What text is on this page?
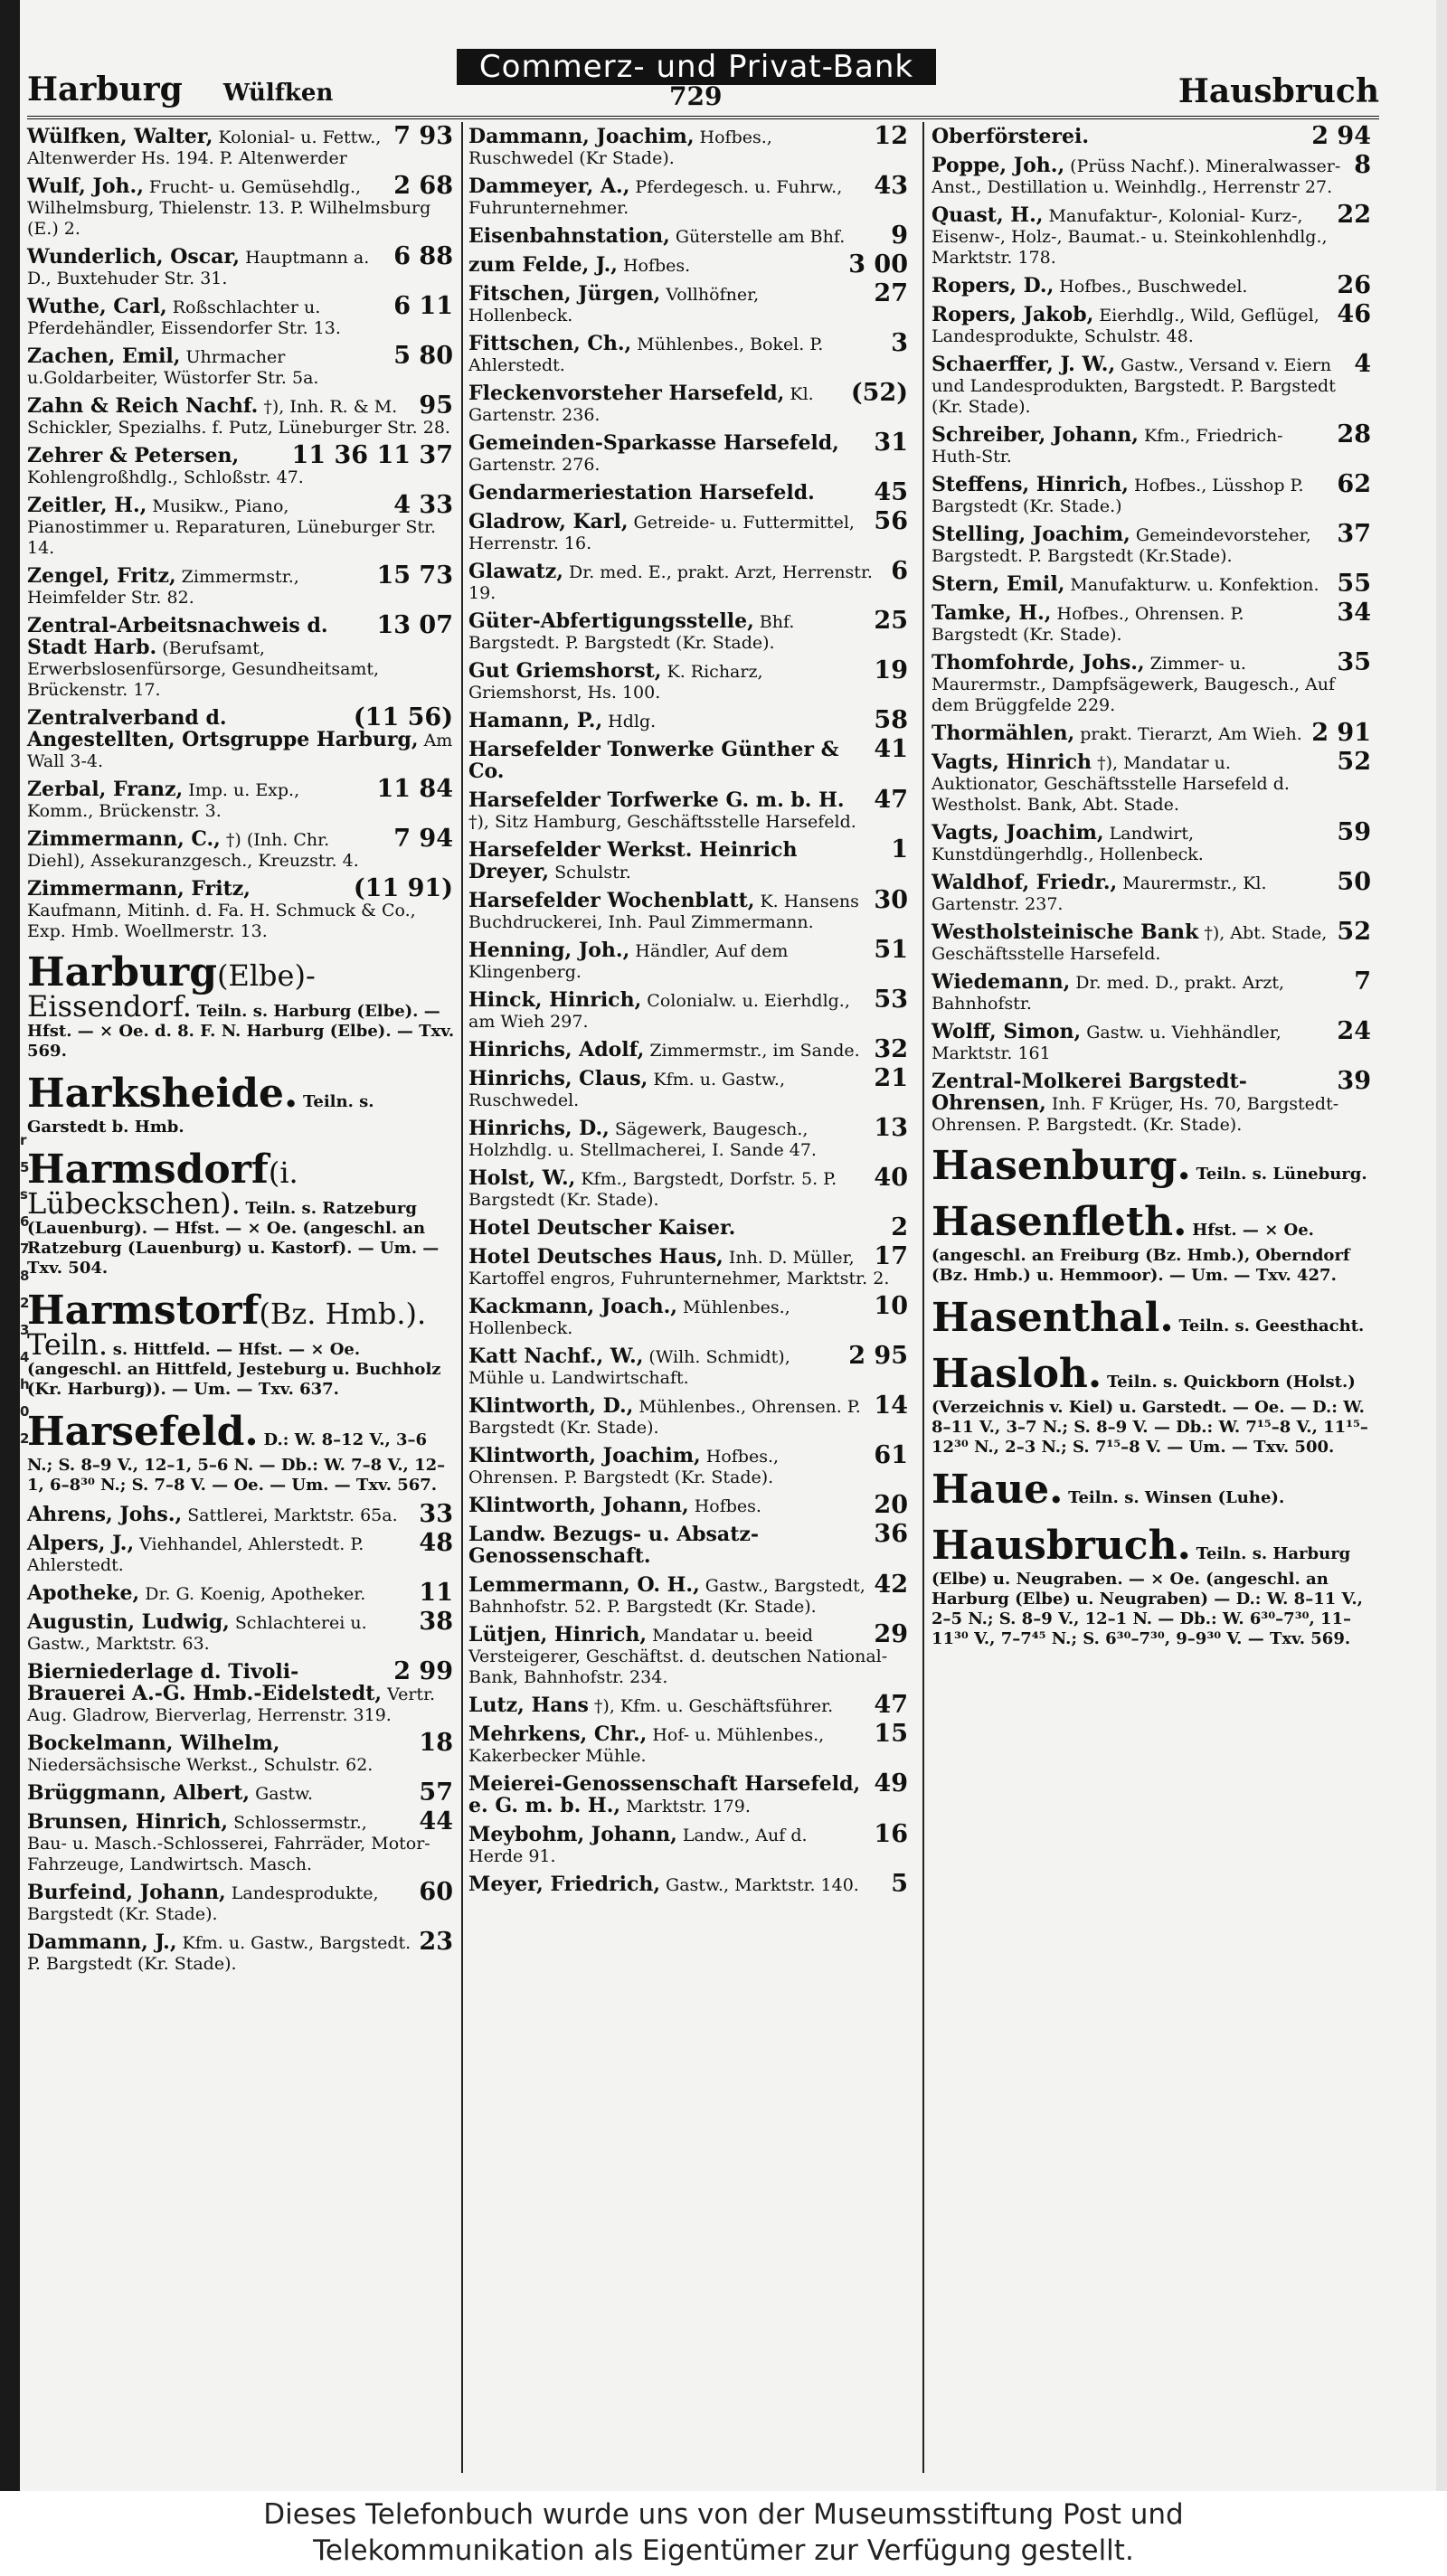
r
5
s
6
7
8
2
3
4
h
0
2
Harburg Wülfken
Commerz- und Privat-Bank
729	Hausbruch
7 93
Wülfken, Walter, Kolonial- u. Fettw., Altenwerder Hs. 194. P. Altenwerder
2 68
Wulf, Joh., Frucht- u. Gemüsehdlg., Wilhelmsburg, Thielenstr. 13. P. Wilhelmsburg (E.) 2.
6 88
Wunderlich, Oscar, Hauptmann a. D., Buxtehuder Str. 31.
6 11
Wuthe, Carl, Roßschlachter u. Pferdehändler, Eissendorfer Str. 13.
5 80
Zachen, Emil, Uhrmacher u.Goldarbeiter, Wüstorfer Str. 5a.
95
Zahn & Reich Nachf. †), Inh. R. & M. Schickler, Spezialhs. f. Putz, Lüneburger Str. 28.
11 36 11 37
Zehrer & Petersen, Kohlengroßhdlg., Schloßstr. 47.
4 33
Zeitler, H., Musikw., Piano, Pianostimmer u. Reparaturen, Lüneburger Str. 14.
15 73
Zengel, Fritz, Zimmermstr., Heimfelder Str. 82.
13 07
Zentral-Arbeitsnachweis d. Stadt Harb. (Berufsamt, Erwerbslosenfürsorge, Gesundheitsamt, Brückenstr. 17.
(11 56)
Zentralverband d. Angestellten, Ortsgruppe Harburg, Am Wall 3-4.
11 84
Zerbal, Franz, Imp. u. Exp., Komm., Brückenstr. 3.
7 94
Zimmermann, C., †) (Inh. Chr. Diehl), Assekuranzgesch., Kreuzstr. 4.
(11 91)
Zimmermann, Fritz, Kaufmann, Mitinh. d. Fa. H. Schmuck & Co., Exp. Hmb. Woellmerstr. 13.
Harburg(Elbe)-Eissendorf. Teiln. s. Harburg (Elbe). — Hfst. — × Oe. d. 8. F. N. Harburg (Elbe). — Txv. 569.
Harksheide. Teiln. s. Garstedt b. Hmb.
Harmsdorf(i. Lübeckschen). Teiln. s. Ratzeburg (Lauenburg). — Hfst. — × Oe. (angeschl. an Ratzeburg (Lauenburg) u. Kastorf). — Um. — Txv. 504.
Harmstorf(Bz. Hmb.). Teiln. s. Hittfeld. — Hfst. — × Oe. (angeschl. an Hittfeld, Jesteburg u. Buchholz (Kr. Harburg)). — Um. — Txv. 637.
Harsefeld. D.: W. 8–12 V., 3–6 N.; S. 8–9 V., 12–1, 5–6 N. — Db.: W. 7–8 V., 12–1, 6–8³⁰ N.; S. 7–8 V. — Oe. — Um. — Txv. 567.
33
Ahrens, Johs., Sattlerei, Marktstr. 65a.
48
Alpers, J., Viehhandel, Ahlerstedt. P. Ahlerstedt.
11
Apotheke, Dr. G. Koenig, Apotheker.
38
Augustin, Ludwig, Schlachterei u. Gastw., Marktstr. 63.
2 99
Bierniederlage d. Tivoli-Brauerei A.-G. Hmb.-Eidelstedt, Vertr. Aug. Gladrow, Bierverlag, Herrenstr. 319.
18
Bockelmann, Wilhelm, Niedersächsische Werkst., Schulstr. 62.
57
Brüggmann, Albert, Gastw.
44
Brunsen, Hinrich, Schlossermstr., Bau- u. Masch.-Schlosserei, Fahrräder, Motor-Fahrzeuge, Landwirtsch. Masch.
60
Burfeind, Johann, Landesprodukte, Bargstedt (Kr. Stade).
23
Dammann, J., Kfm. u. Gastw., Bargstedt. P. Bargstedt (Kr. Stade).
12
Dammann, Joachim, Hofbes., Ruschwedel (Kr Stade).
43
Dammeyer, A., Pferdegesch. u. Fuhrw., Fuhrunternehmer.
9
Eisenbahnstation, Güterstelle am Bhf.
3 00
zum Felde, J., Hofbes.
27
Fitschen, Jürgen, Vollhöfner, Hollenbeck.
3
Fittschen, Ch., Mühlenbes., Bokel. P. Ahlerstedt.
(52)
Fleckenvorsteher Harsefeld, Kl. Gartenstr. 236.
31
Gemeinden-Sparkasse Harsefeld, Gartenstr. 276.
45
Gendarmeriestation Harsefeld.
56
Gladrow, Karl, Getreide- u. Futtermittel, Herrenstr. 16.
6
Glawatz, Dr. med. E., prakt. Arzt, Herrenstr. 19.
25
Güter-Abfertigungsstelle, Bhf. Bargstedt. P. Bargstedt (Kr. Stade).
19
Gut Griemshorst, K. Richarz, Griemshorst, Hs. 100.
58
Hamann, P., Hdlg.
41
Harsefelder Tonwerke Günther & Co.
47
Harsefelder Torfwerke G. m. b. H. †), Sitz Hamburg, Geschäftsstelle Harsefeld.
1
Harsefelder Werkst. Heinrich Dreyer, Schulstr.
30
Harsefelder Wochenblatt, K. Hansens Buchdruckerei, Inh. Paul Zimmermann.
51
Henning, Joh., Händler, Auf dem Klingenberg.
53
Hinck, Hinrich, Colonialw. u. Eierhdlg., am Wieh 297.
32
Hinrichs, Adolf, Zimmermstr., im Sande.
21
Hinrichs, Claus, Kfm. u. Gastw., Ruschwedel.
13
Hinrichs, D., Sägewerk, Baugesch., Holzhdlg. u. Stellmacherei, I. Sande 47.
40
Holst, W., Kfm., Bargstedt, Dorfstr. 5. P. Bargstedt (Kr. Stade).
2
Hotel Deutscher Kaiser.
17
Hotel Deutsches Haus, Inh. D. Müller, Kartoffel engros, Fuhrunternehmer, Marktstr. 2.
10
Kackmann, Joach., Mühlenbes., Hollenbeck.
2 95
Katt Nachf., W., (Wilh. Schmidt), Mühle u. Landwirtschaft.
14
Klintworth, D., Mühlenbes., Ohrensen. P. Bargstedt (Kr. Stade).
61
Klintworth, Joachim, Hofbes., Ohrensen. P. Bargstedt (Kr. Stade).
20
Klintworth, Johann, Hofbes.
36
Landw. Bezugs- u. Absatz-Genossenschaft.
42
Lemmermann, O. H., Gastw., Bargstedt, Bahnhofstr. 52. P. Bargstedt (Kr. Stade).
29
Lütjen, Hinrich, Mandatar u. beeid Versteigerer, Geschäftst. d. deutschen National-Bank, Bahnhofstr. 234.
47
Lutz, Hans †), Kfm. u. Geschäftsführer.
15
Mehrkens, Chr., Hof- u. Mühlenbes., Kakerbecker Mühle.
49
Meierei-Genossenschaft Harsefeld, e. G. m. b. H., Marktstr. 179.
16
Meybohm, Johann, Landw., Auf d. Herde 91.
5
Meyer, Friedrich, Gastw., Marktstr. 140.
2 94
Oberförsterei.
8
Poppe, Joh., (Prüss Nachf.). Mineralwasser-Anst., Destillation u. Weinhdlg., Herrenstr 27.
22
Quast, H., Manufaktur-, Kolonial- Kurz-, Eisenw-, Holz-, Baumat.- u. Steinkohlenhdlg., Marktstr. 178.
26
Ropers, D., Hofbes., Buschwedel.
46
Ropers, Jakob, Eierhdlg., Wild, Geflügel, Landesprodukte, Schulstr. 48.
4
Schaerffer, J. W., Gastw., Versand v. Eiern und Landesprodukten, Bargstedt. P. Bargstedt (Kr. Stade).
28
Schreiber, Johann, Kfm., Friedrich-Huth-Str.
62
Steffens, Hinrich, Hofbes., Lüsshop P. Bargstedt (Kr. Stade.)
37
Stelling, Joachim, Gemeindevorsteher, Bargstedt. P. Bargstedt (Kr.Stade).
55
Stern, Emil, Manufakturw. u. Konfektion.
34
Tamke, H., Hofbes., Ohrensen. P. Bargstedt (Kr. Stade).
35
Thomfohrde, Johs., Zimmer- u. Maurermstr., Dampfsägewerk, Baugesch., Auf dem Brüggfelde 229.
2 91
Thormählen, prakt. Tierarzt, Am Wieh.
52
Vagts, Hinrich †), Mandatar u. Auktionator, Geschäftsstelle Harsefeld d. Westholst. Bank, Abt. Stade.
59
Vagts, Joachim, Landwirt, Kunstdüngerhdlg., Hollenbeck.
50
Waldhof, Friedr., Maurermstr., Kl. Gartenstr. 237.
52
Westholsteinische Bank †), Abt. Stade, Geschäftsstelle Harsefeld.
7
Wiedemann, Dr. med. D., prakt. Arzt, Bahnhofstr.
24
Wolff, Simon, Gastw. u. Viehhändler, Marktstr. 161
39
Zentral-Molkerei Bargstedt-Ohrensen, Inh. F Krüger, Hs. 70, Bargstedt-Ohrensen. P. Bargstedt. (Kr. Stade).
Hasenburg. Teiln. s. Lüneburg.
Hasenfleth. Hfst. — × Oe. (angeschl. an Freiburg (Bz. Hmb.), Oberndorf (Bz. Hmb.) u. Hemmoor). — Um. — Txv. 427.
Hasenthal. Teiln. s. Geesthacht.
Hasloh. Teiln. s. Quickborn (Holst.) (Verzeichnis v. Kiel) u. Garstedt. — Oe. — D.: W. 8–11 V., 3–7 N.; S. 8–9 V. — Db.: W. 7¹⁵–8 V., 11¹⁵–12³⁰ N., 2–3 N.; S. 7¹⁵–8 V. — Um. — Txv. 500.
Haue. Teiln. s. Winsen (Luhe).
Hausbruch. Teiln. s. Harburg (Elbe) u. Neugraben. — × Oe. (angeschl. an Harburg (Elbe) u. Neugraben) — D.: W. 8–11 V., 2–5 N.; S. 8–9 V., 12–1 N. — Db.: W. 6³⁰–7³⁰, 11–11³⁰ V., 7–7⁴⁵ N.; S. 6³⁰–7³⁰, 9–9³⁰ V. — Txv. 569.
Dieses Telefonbuch wurde uns von der Museumsstiftung Post und
Telekommunikation als Eigentümer zur Verfügung gestellt.
